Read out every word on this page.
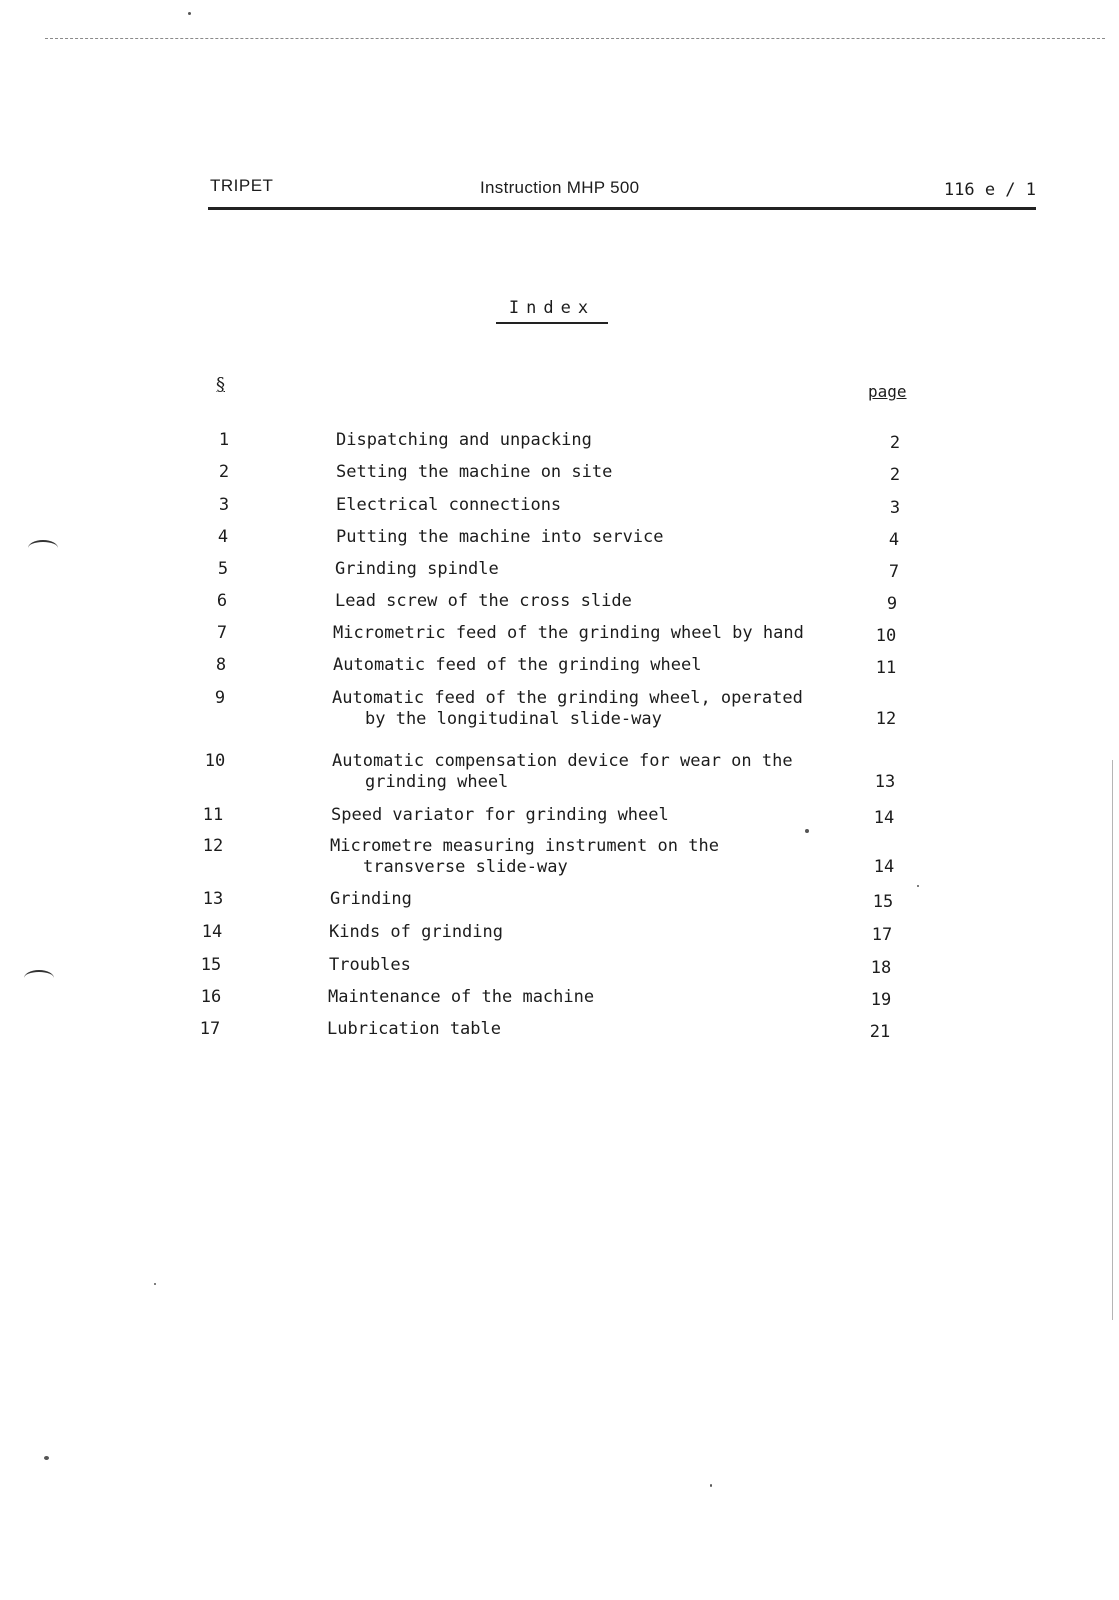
TRIPET	Instruction MHP 500	116 e / 1
Index
§	page
1	Dispatching and unpacking	2
2	Setting the machine on site	2
3	Electrical connections	3
4	Putting the machine into service	4
5	Grinding spindle	7
6	Lead screw of the cross slide	9
7	Micrometric feed of the grinding wheel by hand	10
8	Automatic feed of the grinding wheel	11
9	Automatic feed of the grinding wheel, operated
by the longitudinal slide-way	12
10	Automatic compensation device for wear on the
grinding wheel	13
11	Speed variator for grinding wheel	14
12	Micrometre measuring instrument on the
transverse slide-way	14
13	Grinding	15
14	Kinds of grinding	17
15	Troubles	18
16	Maintenance of the machine	19
17	Lubrication table	21
